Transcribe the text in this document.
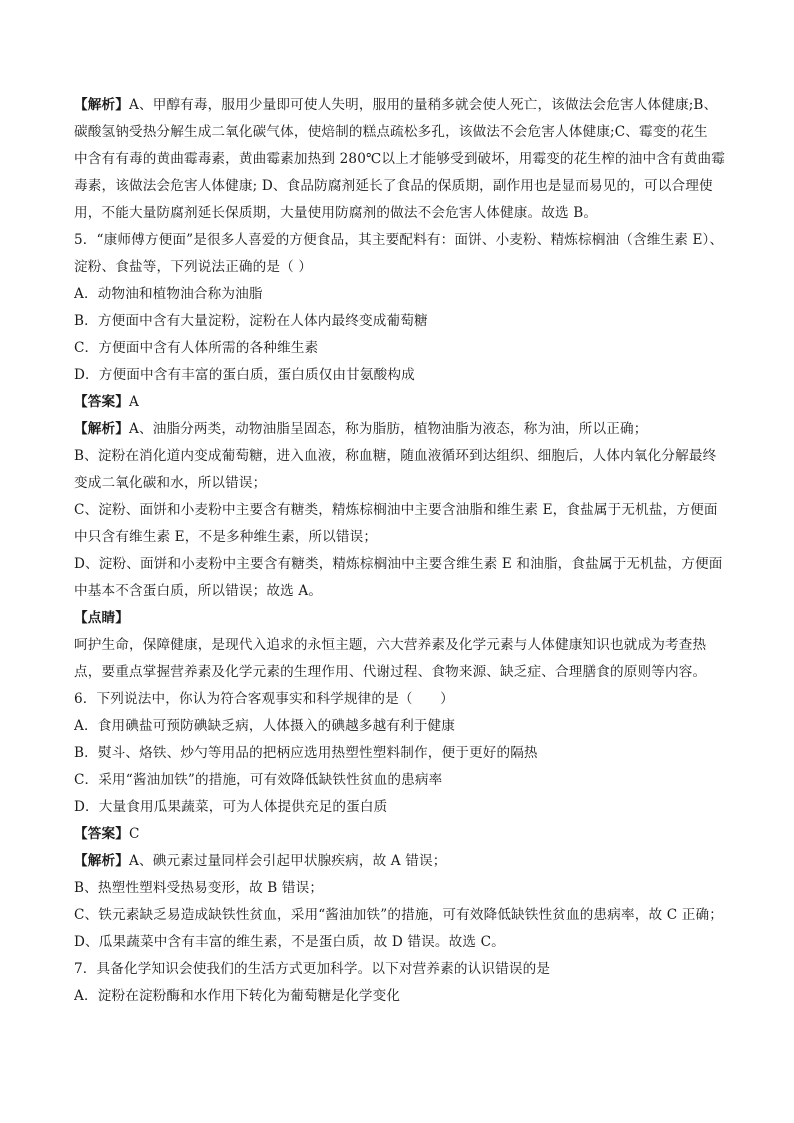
【解析】A、甲醇有毒，服用少量即可使人失明，服用的量稍多就会使人死亡，该做法会危害人体健康;B、
碳酸氢钠受热分解生成二氧化碳气体，使焙制的糕点疏松多孔，该做法不会危害人体健康;C、霉变的花生
中含有有毒的黄曲霉毒素，黄曲霉素加热到 280℃以上才能够受到破坏，用霉变的花生榨的油中含有黄曲霉
毒素，该做法会危害人体健康; D、食品防腐剂延长了食品的保质期，副作用也是显而易见的，可以合理使
用，不能大量防腐剂延长保质期，大量使用防腐剂的做法不会危害人体健康。故选 B。
5．“康师傅方便面”是很多人喜爱的方便食品，其主要配料有：面饼、小麦粉、精炼棕榈油（含维生素 E）、
淀粉、食盐等，下列说法正确的是（ ）
A．动物油和植物油合称为油脂
B．方便面中含有大量淀粉，淀粉在人体内最终变成葡萄糖
C．方便面中含有人体所需的各种维生素
D．方便面中含有丰富的蛋白质，蛋白质仅由甘氨酸构成
【答案】A
【解析】A、油脂分两类，动物油脂呈固态，称为脂肪，植物油脂为液态，称为油，所以正确；
B、淀粉在消化道内变成葡萄糖，进入血液，称血糖，随血液循环到达组织、细胞后，人体内氧化分解最终
变成二氧化碳和水，所以错误；
C、淀粉、面饼和小麦粉中主要含有糖类，精炼棕榈油中主要含油脂和维生素 E，食盐属于无机盐，方便面
中只含有维生素 E，不是多种维生素，所以错误；
D、淀粉、面饼和小麦粉中主要含有糖类，精炼棕榈油中主要含维生素 E 和油脂，食盐属于无机盐，方便面
中基本不含蛋白质，所以错误；故选 A。
【点睛】
呵护生命，保障健康，是现代入追求的永恒主题，六大营养素及化学元素与人体健康知识也就成为考查热
点，要重点掌握营养素及化学元素的生理作用、代谢过程、食物来源、缺乏症、合理膳食的原则等内容。
6．下列说法中，你认为符合客观事实和科学规律的是（　　）
A．食用碘盐可预防碘缺乏病，人体摄入的碘越多越有利于健康
B．熨斗、烙铁、炒勺等用品的把柄应选用热塑性塑料制作，便于更好的隔热
C．采用“酱油加铁”的措施，可有效降低缺铁性贫血的患病率
D．大量食用瓜果蔬菜，可为人体提供充足的蛋白质
【答案】C
【解析】A、碘元素过量同样会引起甲状腺疾病，故 A 错误；
B、热塑性塑料受热易变形，故 B 错误；
C、铁元素缺乏易造成缺铁性贫血，采用“酱油加铁”的措施，可有效降低缺铁性贫血的患病率，故 C 正确；
D、瓜果蔬菜中含有丰富的维生素，不是蛋白质，故 D 错误。故选 C。
7．具备化学知识会使我们的生活方式更加科学。以下对营养素的认识错误的是
A．淀粉在淀粉酶和水作用下转化为葡萄糖是化学变化
